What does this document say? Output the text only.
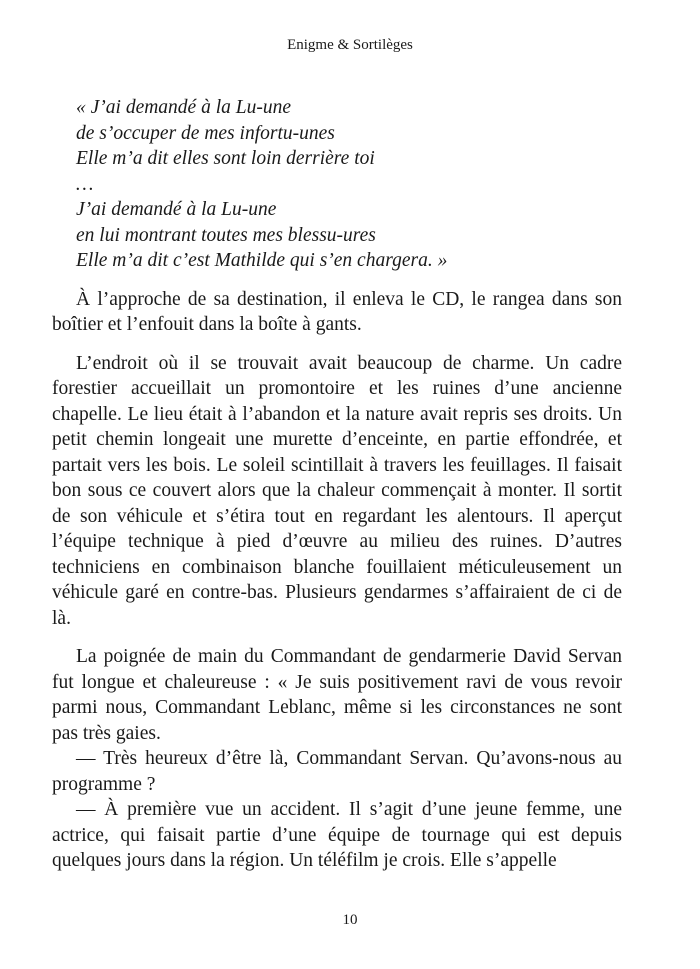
Enigme & Sortilèges
« J’ai demandé à la Lu-une
de s’occuper de mes infortu-unes
Elle m’a dit elles sont loin derrière toi
…
J’ai demandé à la Lu-une
en lui montrant toutes mes blessu-ures
Elle m’a dit c’est Mathilde qui s’en chargera. »

À l’approche de sa destination, il enleva le CD, le rangea dans son boîtier et l’enfouit dans la boîte à gants.

L’endroit où il se trouvait avait beaucoup de charme. Un cadre forestier accueillait un promontoire et les ruines d’une ancienne chapelle. Le lieu était à l’abandon et la nature avait repris ses droits. Un petit chemin longeait une murette d’enceinte, en partie effondrée, et partait vers les bois. Le soleil scintillait à travers les feuillages. Il faisait bon sous ce couvert alors que la chaleur commençait à monter. Il sortit de son véhicule et s’étira tout en regardant les alentours. Il aperçut l’équipe technique à pied d’œuvre au milieu des ruines. D’autres techniciens en combinaison blanche fouillaient méticuleusement un véhicule garé en contre-bas. Plusieurs gendarmes s’affairaient de ci de là.

La poignée de main du Commandant de gendarmerie David Servan fut longue et chaleureuse : « Je suis positivement ravi de vous revoir parmi nous, Commandant Leblanc, même si les circonstances ne sont pas très gaies.

— Très heureux d’être là, Commandant Servan. Qu’avons-nous au programme ?

— À première vue un accident. Il s’agit d’une jeune femme, une actrice, qui faisait partie d’une équipe de tournage qui est depuis quelques jours dans la région. Un téléfilm je crois. Elle s’appelle

10
